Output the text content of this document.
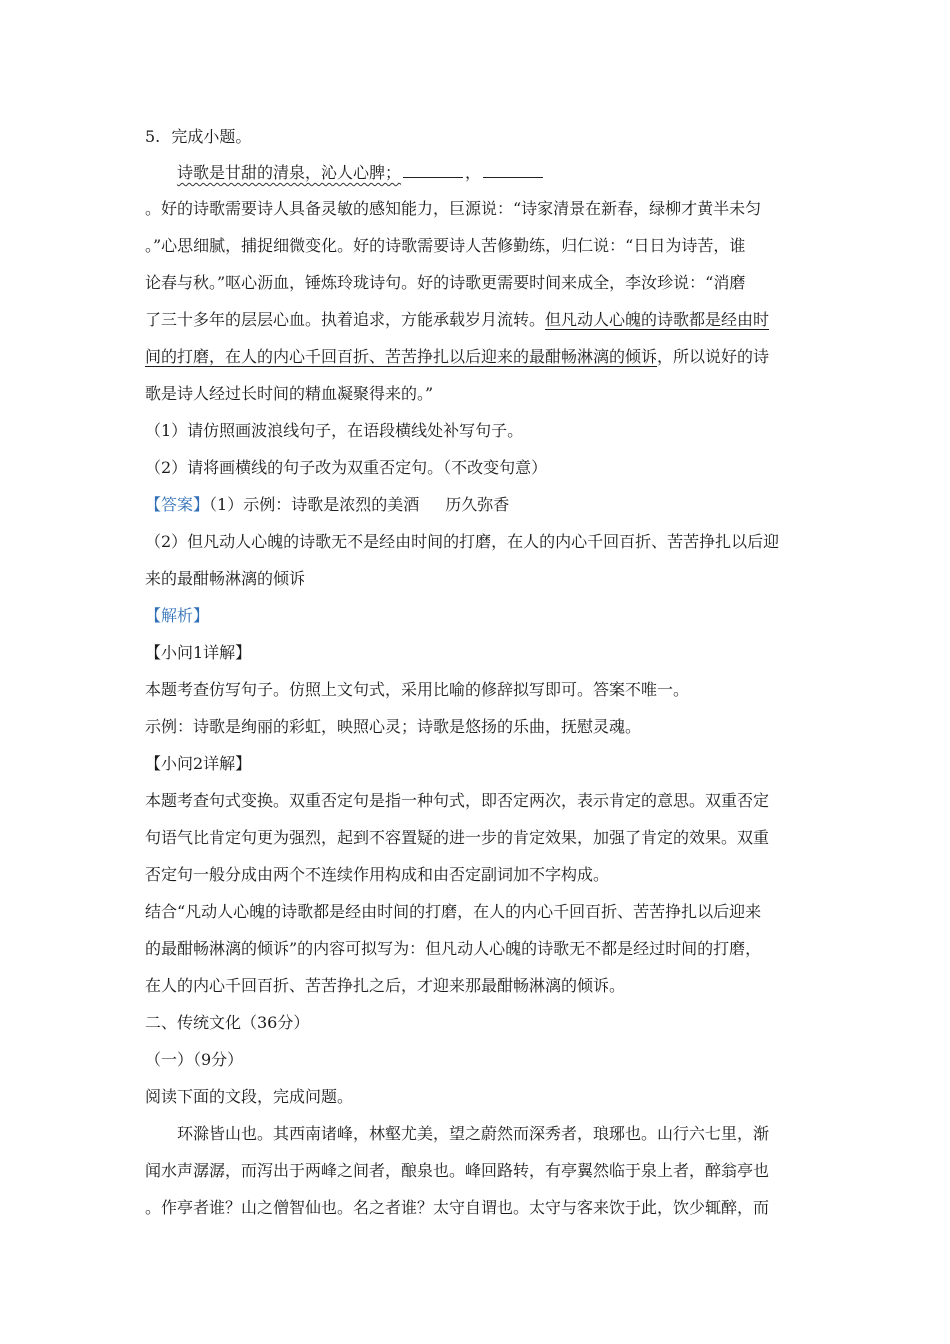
5. 完成小题。
诗歌是甘甜的清泉，沁人心脾；	，
。好的诗歌需要诗人具备灵敏的感知能力，巨源说：“诗家清景在新春，绿柳才黄半未匀
。”心思细腻，捕捉细微变化。好的诗歌需要诗人苦修勤练，归仁说：“日日为诗苦，谁
论春与秋。”呕心沥血，锤炼玲珑诗句。好的诗歌更需要时间来成全，李汝珍说：“消磨
了三十多年的层层心血。执着追求，方能承载岁月流转。但凡动人心魄的诗歌都是经由时
间的打磨，在人的内心千回百折、苦苦挣扎以后迎来的最酣畅淋漓的倾诉，所以说好的诗
歌是诗人经过长时间的精血凝聚得来的。”
（1）请仿照画波浪线句子，在语段横线处补写句子。
（2）请将画横线的句子改为双重否定句。（不改变句意）
【答案】（1）示例：诗歌是浓烈的美酒 历久弥香
（2）但凡动人心魄的诗歌无不是经由时间的打磨，在人的内心千回百折、苦苦挣扎以后迎
来的最酣畅淋漓的倾诉
【解析】
【小问1详解】
本题考查仿写句子。仿照上文句式，采用比喻的修辞拟写即可。答案不唯一。
示例：诗歌是绚丽的彩虹，映照心灵；诗歌是悠扬的乐曲，抚慰灵魂。
【小问2详解】
本题考查句式变换。双重否定句是指一种句式，即否定两次，表示肯定的意思。双重否定
句语气比肯定句更为强烈，起到不容置疑的进一步的肯定效果，加强了肯定的效果。双重
否定句一般分成由两个不连续作用构成和由否定副词加不字构成。
结合“凡动人心魄的诗歌都是经由时间的打磨，在人的内心千回百折、苦苦挣扎以后迎来
的最酣畅淋漓的倾诉”的内容可拟写为：但凡动人心魄的诗歌无不都是经过时间的打磨，
在人的内心千回百折、苦苦挣扎之后，才迎来那最酣畅淋漓的倾诉。
二、传统文化（36分）
（一）（9分）
阅读下面的文段，完成问题。
环滁皆山也。其西南诸峰，林壑尤美，望之蔚然而深秀者，琅琊也。山行六七里，渐
闻水声潺潺，而泻出于两峰之间者，酿泉也。峰回路转，有亭翼然临于泉上者，醉翁亭也
。作亭者谁？山之僧智仙也。名之者谁？太守自谓也。太守与客来饮于此，饮少辄醉，而
